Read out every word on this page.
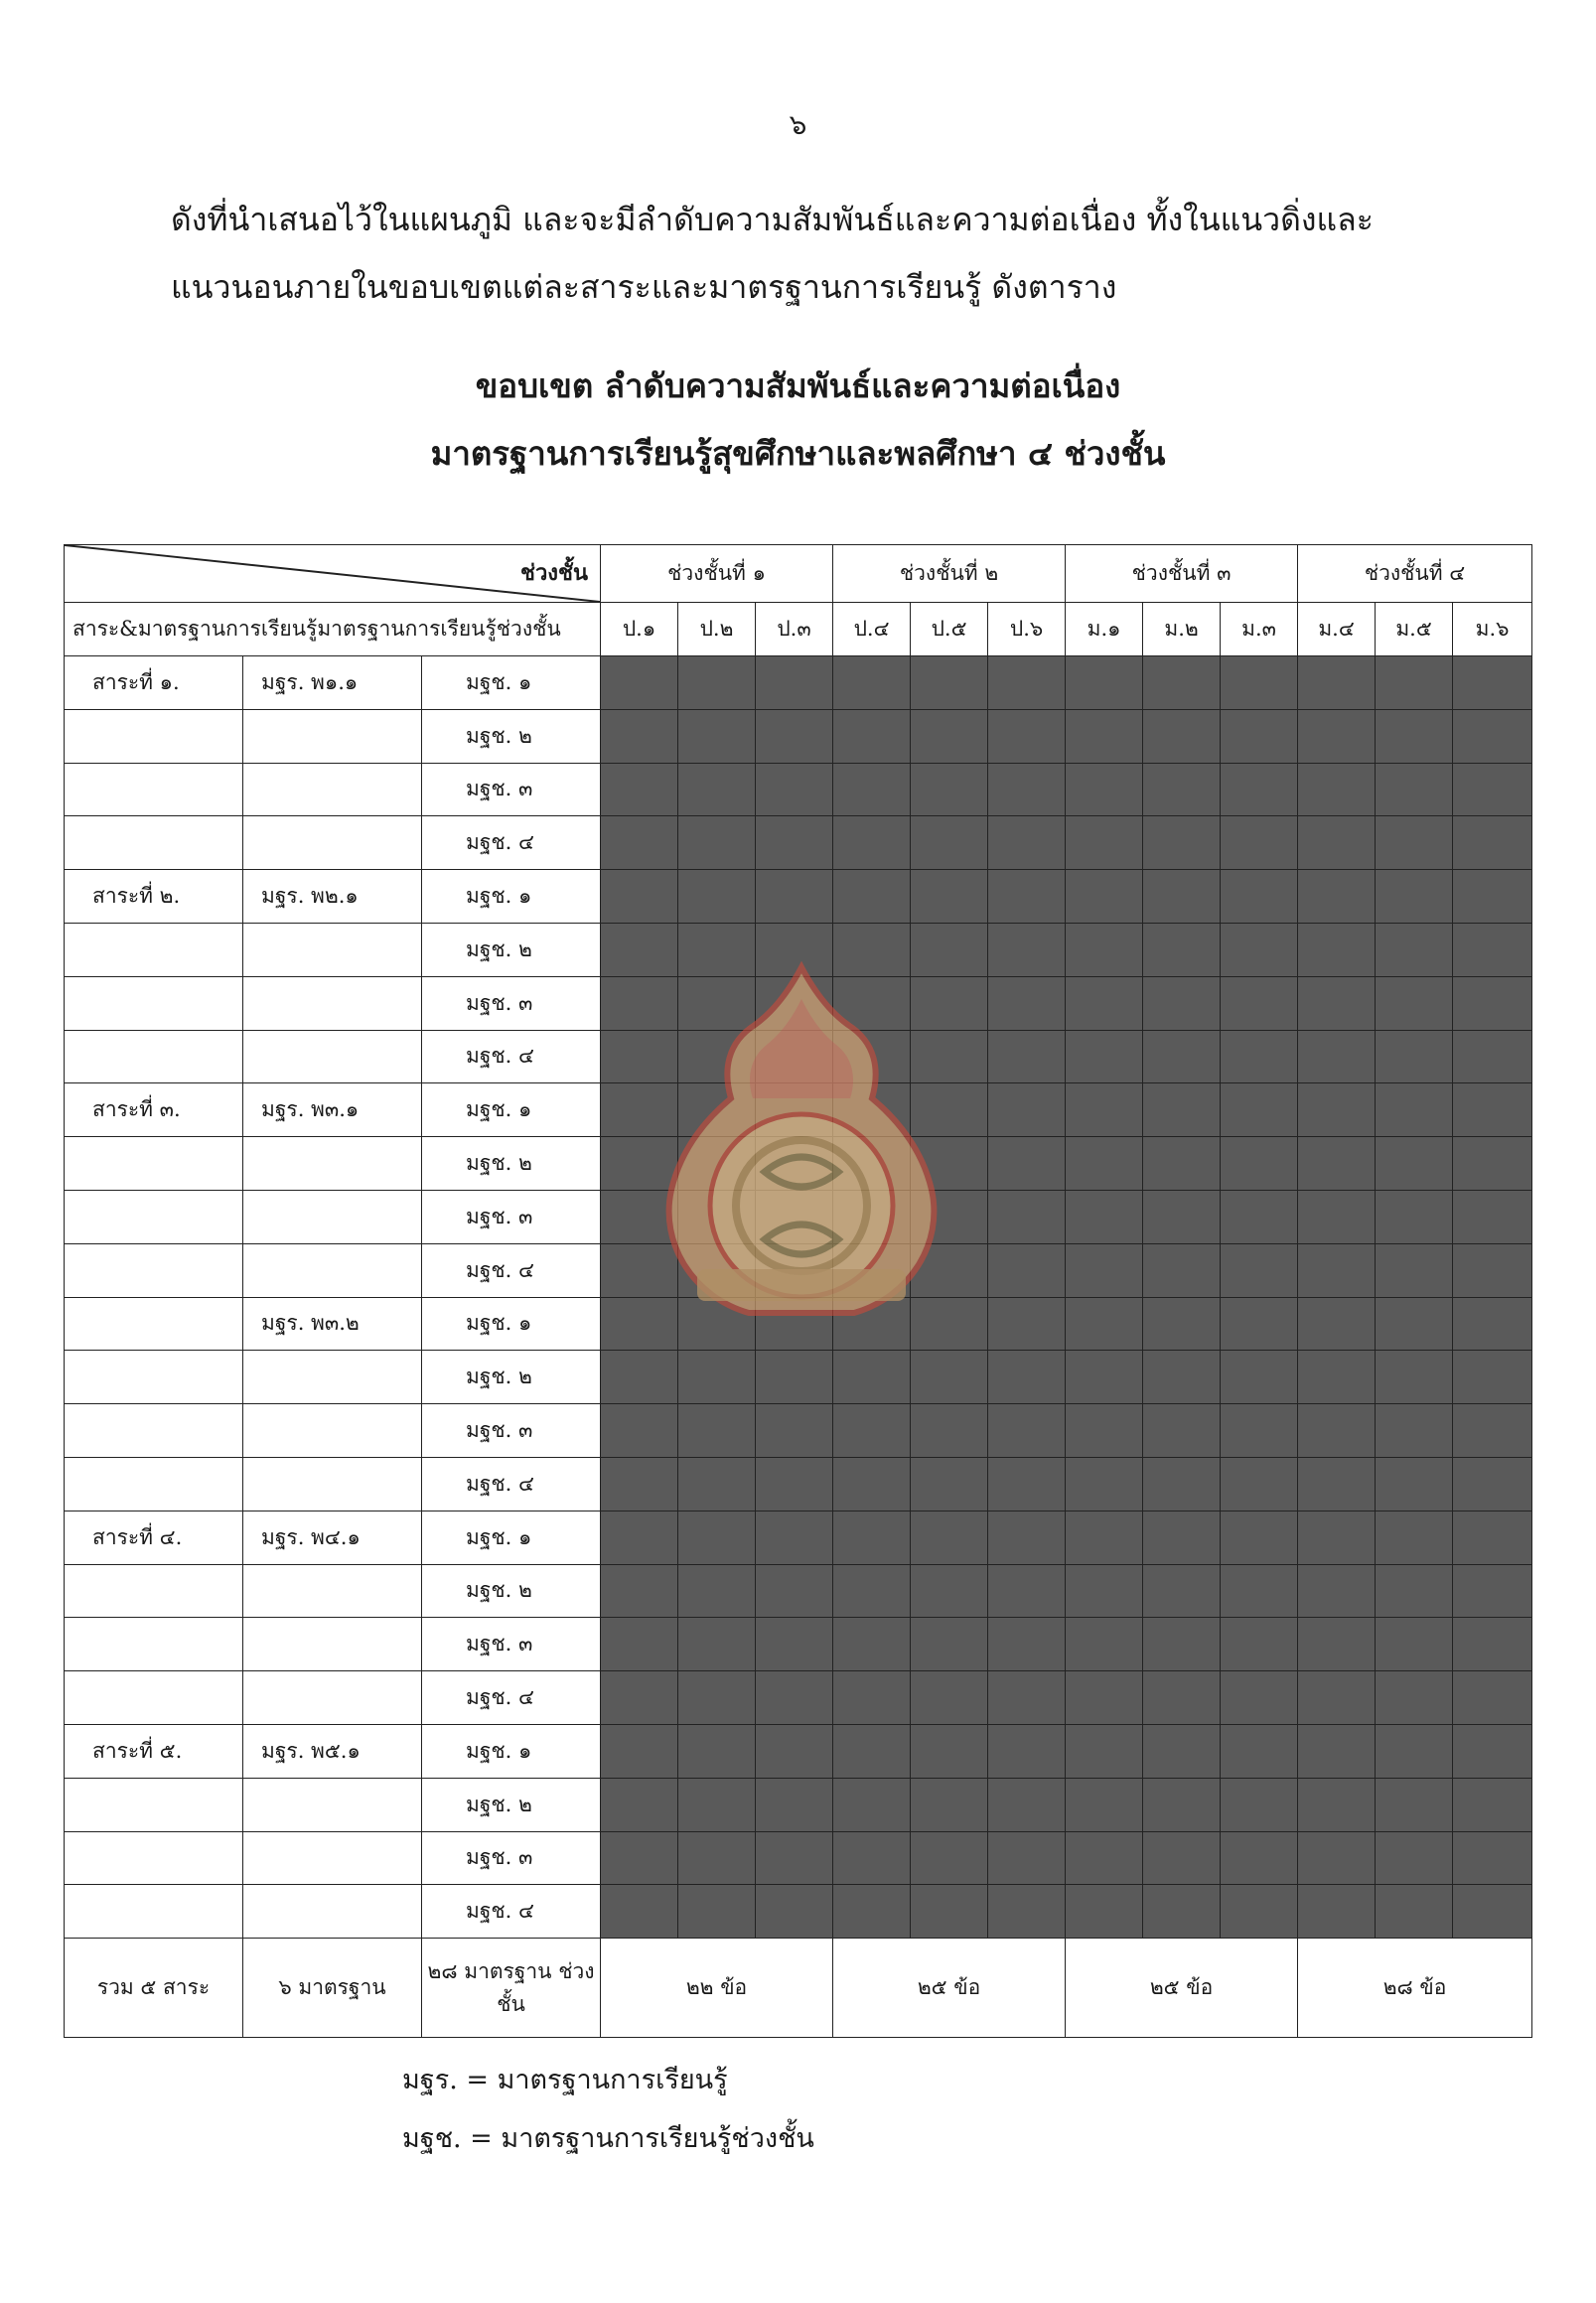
๖
ดังที่นำเสนอไว้ในแผนภูมิ และจะมีลำดับความสัมพันธ์และความต่อเนื่อง ทั้งในแนวดิ่งและ
แนวนอนภายในขอบเขตแต่ละสาระและมาตรฐานการเรียนรู้ ดังตาราง
ขอบเขต ลำดับความสัมพันธ์และความต่อเนื่อง
มาตรฐานการเรียนรู้สุขศึกษาและพลศึกษา ๔ ช่วงชั้น
ช่วงชั้น			ช่วงชั้นที่ ๑			ช่วงชั้นที่ ๒			ช่วงชั้นที่ ๓			ช่วงชั้นที่ ๔		
สาระ&มาตรฐานการเรียนรู้มาตรฐานการเรียนรู้ช่วงชั้น			ป.๑	ป.๒	ป.๓	ป.๔	ป.๕	ป.๖	ม.๑	ม.๒	ม.๓	ม.๔	ม.๕	ม.๖
สาระที่ ๑.	มฐร. พ๑.๑	มฐช. ๑												
		มฐช. ๒												
		มฐช. ๓												
		มฐช. ๔												
สาระที่ ๒.	มฐร. พ๒.๑	มฐช. ๑												
		มฐช. ๒												
		มฐช. ๓												
		มฐช. ๔												
สาระที่ ๓.	มฐร. พ๓.๑	มฐช. ๑												
		มฐช. ๒												
		มฐช. ๓												
		มฐช. ๔												
	มฐร. พ๓.๒	มฐช. ๑												
		มฐช. ๒												
		มฐช. ๓												
		มฐช. ๔												
สาระที่ ๔.	มฐร. พ๔.๑	มฐช. ๑												
		มฐช. ๒												
		มฐช. ๓												
		มฐช. ๔												
สาระที่ ๕.	มฐร. พ๕.๑	มฐช. ๑												
		มฐช. ๒												
		มฐช. ๓												
		มฐช. ๔												
รวม ๕ สาระ	๖ มาตรฐาน	๒๘ มาตรฐาน ช่วงชั้น	๒๒ ข้อ			๒๕ ข้อ			๒๕ ข้อ			๒๘ ข้อ		
มฐร. = มาตรฐานการเรียนรู้
มฐช. = มาตรฐานการเรียนรู้ช่วงชั้น
